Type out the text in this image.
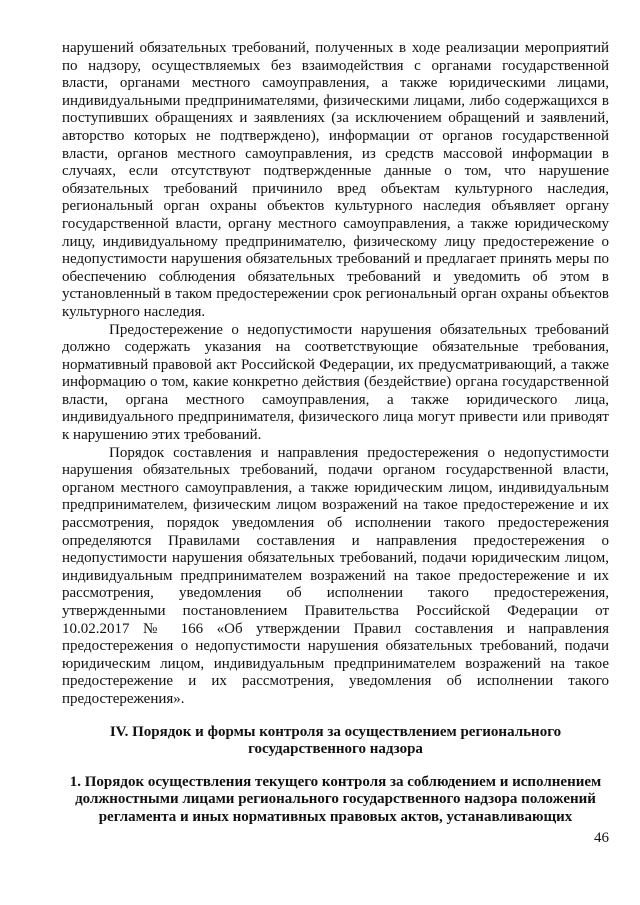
нарушений обязательных требований, полученных в ходе реализации мероприятий по надзору, осуществляемых без взаимодействия с органами государственной власти, органами местного самоуправления, а также юридическими лицами, индивидуальными предпринимателями, физическими лицами, либо содержащихся в поступивших обращениях и заявлениях (за исключением обращений и заявлений, авторство которых не подтверждено), информации от органов государственной власти, органов местного самоуправления, из средств массовой информации в случаях, если отсутствуют подтвержденные данные о том, что нарушение обязательных требований причинило вред объектам культурного наследия, региональный орган охраны объектов культурного наследия объявляет органу государственной власти, органу местного самоуправления, а также юридическому лицу, индивидуальному предпринимателю, физическому лицу предостережение о недопустимости нарушения обязательных требований и предлагает принять меры по обеспечению соблюдения обязательных требований и уведомить об этом в установленный в таком предостережении срок региональный орган охраны объектов культурного наследия.

Предостережение о недопустимости нарушения обязательных требований должно содержать указания на соответствующие обязательные требования, нормативный правовой акт Российской Федерации, их предусматривающий, а также информацию о том, какие конкретно действия (бездействие) органа государственной власти, органа местного самоуправления, а также юридического лица, индивидуального предпринимателя, физического лица могут привести или приводят к нарушению этих требований.

Порядок составления и направления предостережения о недопустимости нарушения обязательных требований, подачи органом государственной власти, органом местного самоуправления, а также юридическим лицом, индивидуальным предпринимателем, физическим лицом возражений на такое предостережение и их рассмотрения, порядок уведомления об исполнении такого предостережения определяются Правилами составления и направления предостережения о недопустимости нарушения обязательных требований, подачи юридическим лицом, индивидуальным предпринимателем возражений на такое предостережение и их рассмотрения, уведомления об исполнении такого предостережения, утвержденными постановлением Правительства Российской Федерации от 10.02.2017 № 166 «Об утверждении Правил составления и направления предостережения о недопустимости нарушения обязательных требований, подачи юридическим лицом, индивидуальным предпринимателем возражений на такое предостережение и их рассмотрения, уведомления об исполнении такого предостережения».

IV. Порядок и формы контроля за осуществлением регионального государственного надзора

1. Порядок осуществления текущего контроля за соблюдением и исполнением должностными лицами регионального государственного надзора положений регламента и иных нормативных правовых актов, устанавливающих

46
